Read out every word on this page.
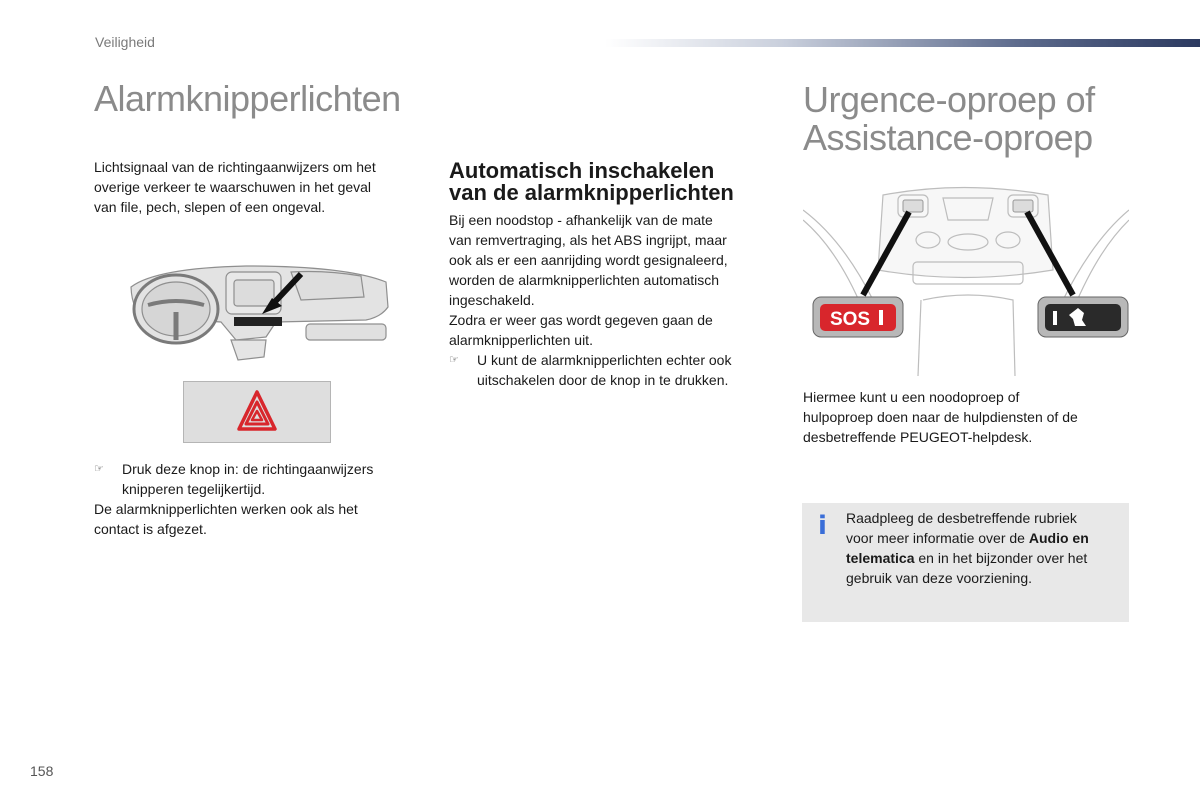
Veiligheid
Alarmknipperlichten
Lichtsignaal van de richtingaanwijzers om het
overige verkeer te waarschuwen in het geval
van file, pech, slepen of een ongeval.
☞ Druk deze knop in: de richtingaanwijzers
knipperen tegelijkertijd.
De alarmknipperlichten werken ook als het
contact is afgezet.
Automatisch inschakelen
van de alarmknipperlichten
Bij een noodstop - afhankelijk van de mate
van remvertraging, als het ABS ingrijpt, maar
ook als er een aanrijding wordt gesignaleerd,
worden de alarmknipperlichten automatisch
ingeschakeld.
Zodra er weer gas wordt gegeven gaan de
alarmknipperlichten uit.
☞ U kunt de alarmknipperlichten echter ook
uitschakelen door de knop in te drukken.
Urgence-oproep of
Assistance-oproep
SOS
Hiermee kunt u een noodoproep of
hulpoproep doen naar de hulpdiensten of de
desbetreffende PEUGEOT-helpdesk.
i Raadpleeg de desbetreffende rubriek
voor meer informatie over de Audio en
telematica en in het bijzonder over het
gebruik van deze voorziening.
158
